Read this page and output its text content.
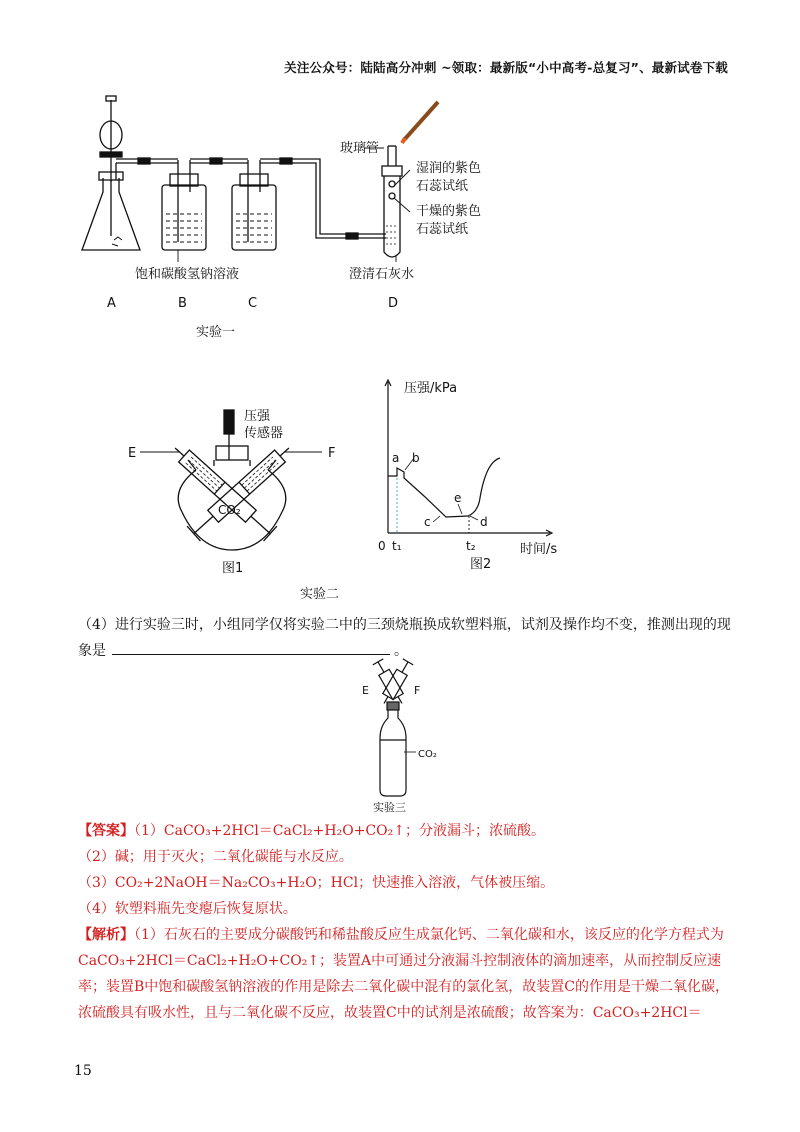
关注公众号：陆陆高分冲刺 ~领取：最新版“小中高考-总复习”、最新试卷下载
玻璃管
湿润的紫色
石蕊试纸
干燥的紫色
石蕊试纸
饱和碳酸氢钠溶液	澄清石灰水
A	B	C	D
实验一
E	F
压强
传感器
CO₂
图1
实验二
压强/kPa
时间/s
0 t₁	t₂
a b
c	d
e
图2
（4）进行实验三时，小组同学仅将实验二中的三颈烧瓶换成软塑料瓶，试剂及操作均不变，推测出现的现象是	。
E	F
CO₂
实验三
【答案】（1）CaCO₃+2HCl＝CaCl₂+H₂O+CO₂↑；分液漏斗；浓硫酸。
（2）碱；用于灭火；二氧化碳能与水反应。
（3）CO₂+2NaOH＝Na₂CO₃+H₂O；HCl；快速推入溶液，气体被压缩。
（4）软塑料瓶先变瘪后恢复原状。
【解析】（1）石灰石的主要成分碳酸钙和稀盐酸反应生成氯化钙、二氧化碳和水，该反应的化学方程式为CaCO₃+2HCl＝CaCl₂+H₂O+CO₂↑；装置A中可通过分液漏斗控制液体的滴加速率，从而控制反应速率；装置B中饱和碳酸氢钠溶液的作用是除去二氧化碳中混有的氯化氢，故装置C的作用是干燥二氧化碳，浓硫酸具有吸水性，且与二氧化碳不反应，故装置C中的试剂是浓硫酸；故答案为：CaCO₃+2HCl＝
15
